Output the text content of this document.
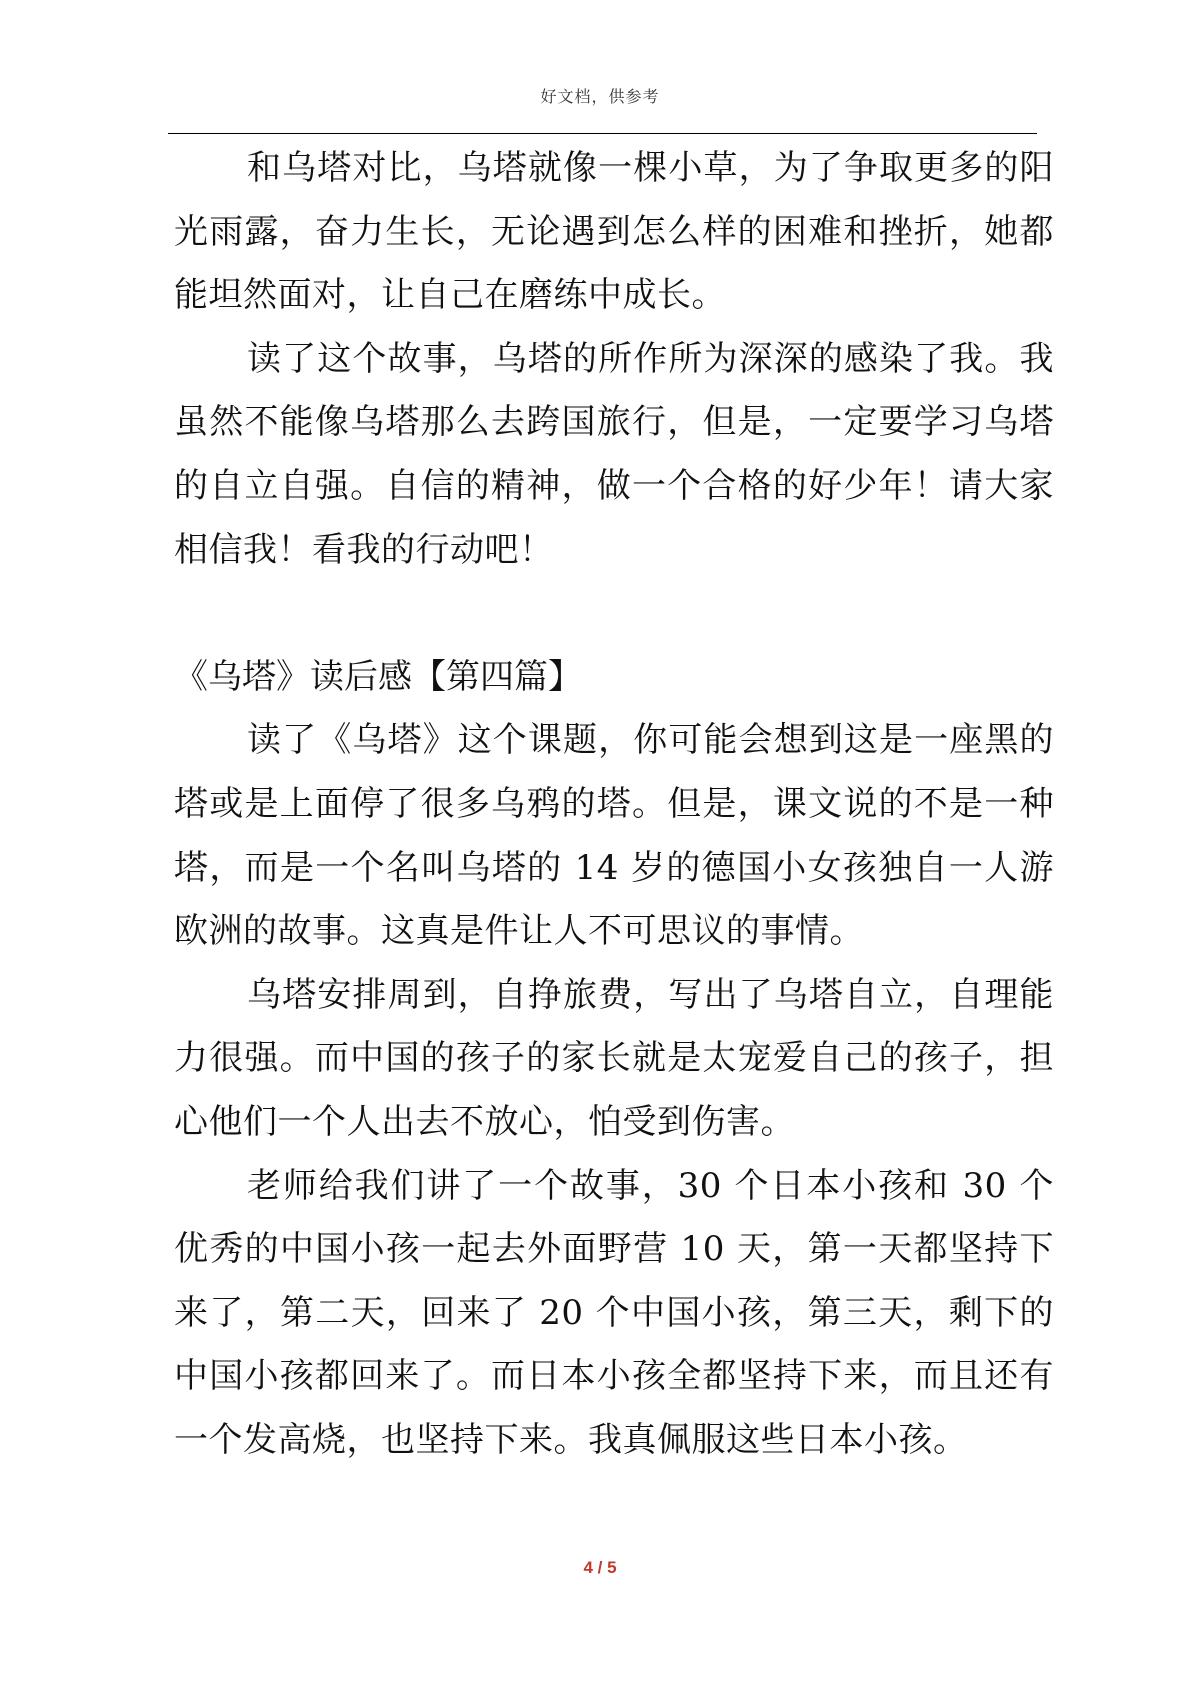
好文档，供参考

和乌塔对比，乌塔就像一棵小草，为了争取更多的阳光雨露，奋力生长，无论遇到怎么样的困难和挫折，她都能坦然面对，让自己在磨练中成长。

读了这个故事，乌塔的所作所为深深的感染了我。我虽然不能像乌塔那么去跨国旅行，但是，一定要学习乌塔的自立自强。自信的精神，做一个合格的好少年！请大家相信我！看我的行动吧！

《乌塔》读后感【第四篇】

读了《乌塔》这个课题，你可能会想到这是一座黑的塔或是上面停了很多乌鸦的塔。但是，课文说的不是一种塔，而是一个名叫乌塔的 14 岁的德国小女孩独自一人游欧洲的故事。这真是件让人不可思议的事情。

乌塔安排周到，自挣旅费，写出了乌塔自立，自理能力很强。而中国的孩子的家长就是太宠爱自己的孩子，担心他们一个人出去不放心，怕受到伤害。

老师给我们讲了一个故事，30 个日本小孩和 30 个优秀的中国小孩一起去外面野营 10 天，第一天都坚持下来了，第二天，回来了 20 个中国小孩，第三天，剩下的中国小孩都回来了。而日本小孩全都坚持下来，而且还有一个发高烧，也坚持下来。我真佩服这些日本小孩。

4 / 5
